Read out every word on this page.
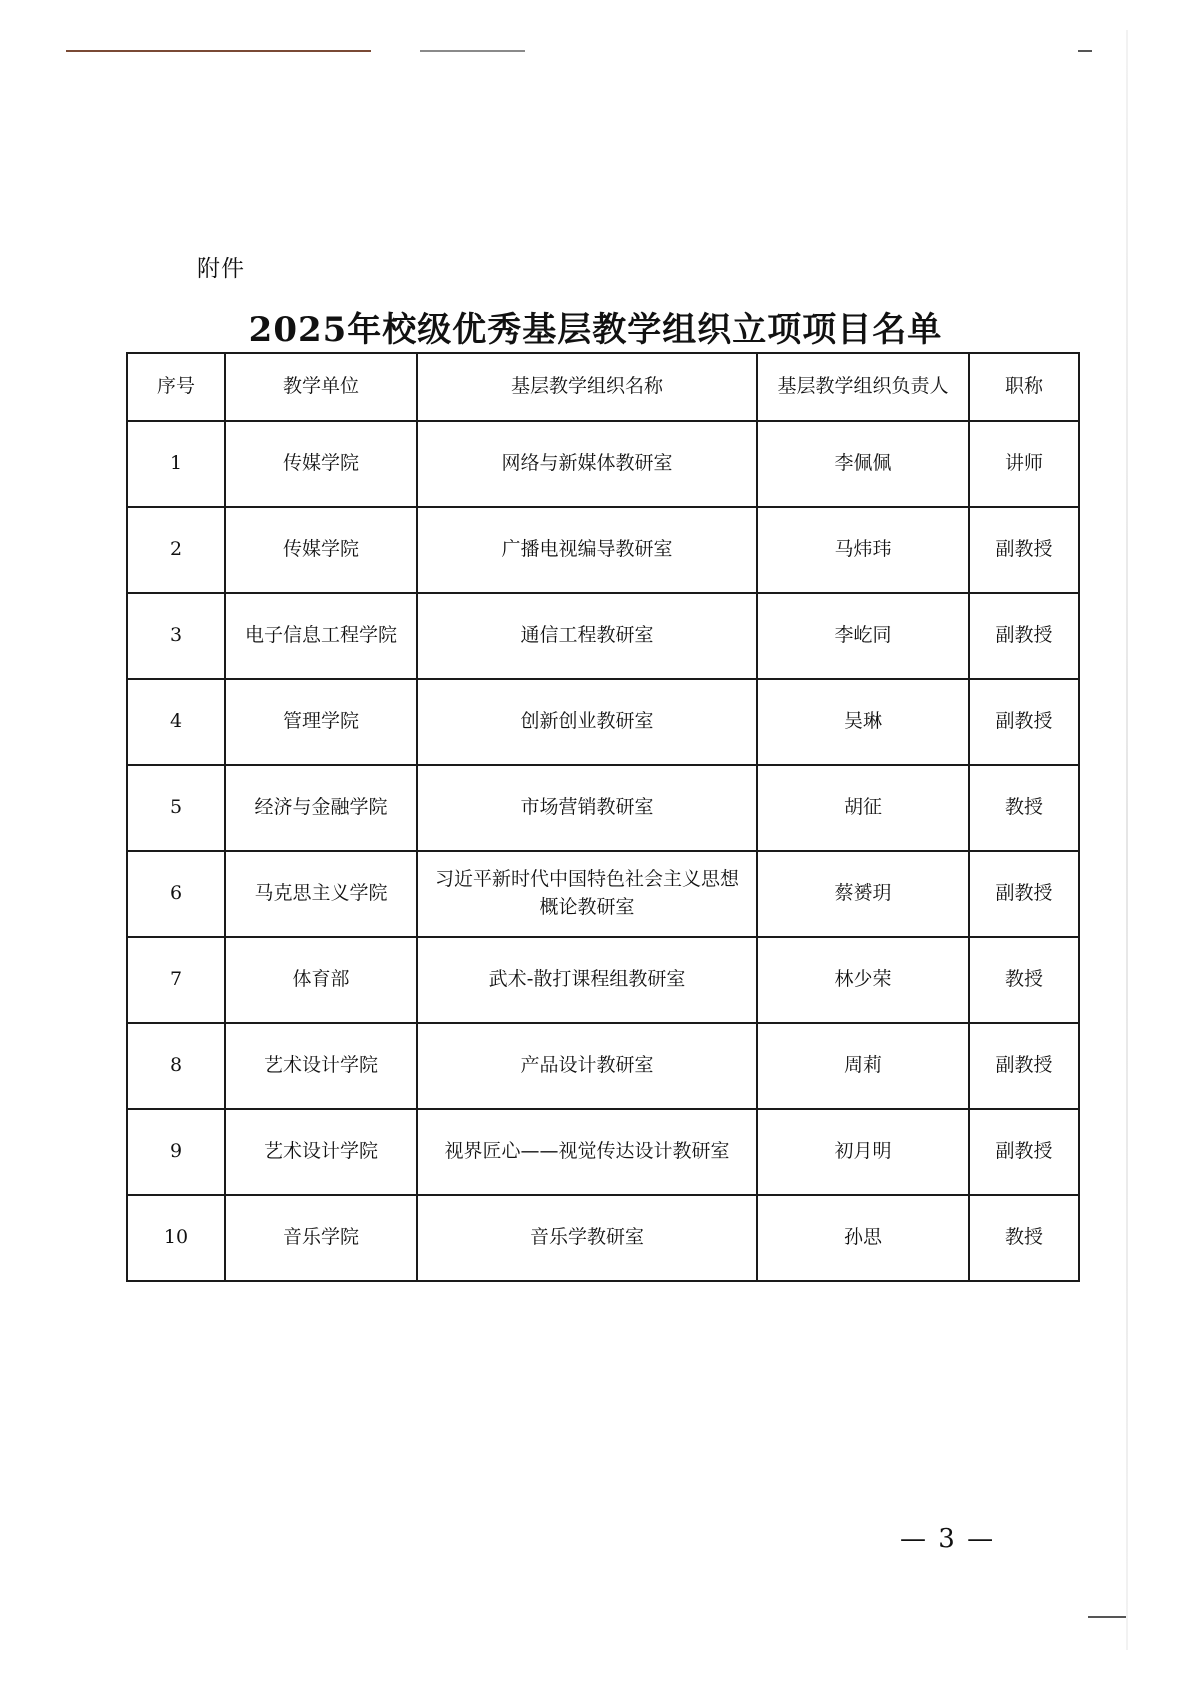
附件
2025年校级优秀基层教学组织立项项目名单
序号	教学单位	基层教学组织名称	基层教学组织负责人	职称
1	传媒学院	网络与新媒体教研室	李佩佩	讲师
2	传媒学院	广播电视编导教研室	马炜玮	副教授
3	电子信息工程学院	通信工程教研室	李屹同	副教授
4	管理学院	创新创业教研室	吴琳	副教授
5	经济与金融学院	市场营销教研室	胡征	教授
6	马克思主义学院	习近平新时代中国特色社会主义思想概论教研室	蔡赟玥	副教授
7	体育部	武术-散打课程组教研室	林少荣	教授
8	艺术设计学院	产品设计教研室	周莉	副教授
9	艺术设计学院	视界匠心——视觉传达设计教研室	初月明	副教授
10	音乐学院	音乐学教研室	孙思	教授
— 3 —
